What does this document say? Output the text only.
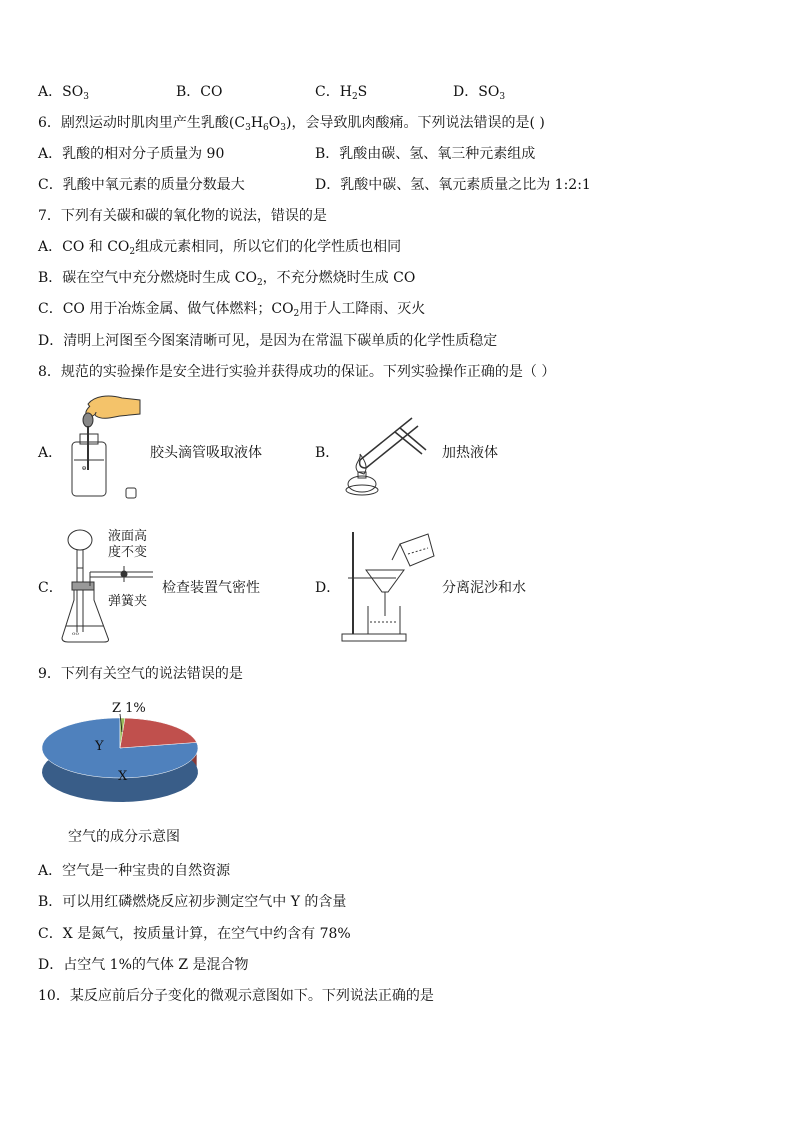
A．$SO_3$	B．CO	C．$H_2S$	D．$SO_3$
6．剧烈运动时肌肉里产生乳酸$(C_3H_6O_3)$，会导致肌肉酸痛。下列说法错误的是( )
A．乳酸的相对分子质量为 90	B．乳酸由碳、氢、氧三种元素组成
C．乳酸中氧元素的质量分数最大	D．乳酸中碳、氢、氧元素质量之比为 1:2:1
7．下列有关碳和碳的氧化物的说法，错误的是
A．CO 和 $CO_2$组成元素相同，所以它们的化学性质也相同
B．碳在空气中充分燃烧时生成 $CO_2$，不充分燃烧时生成 CO
C．CO 用于冶炼金属、做气体燃料；$CO_2$用于人工降雨、灭火
D．清明上河图至今图案清晰可见，是因为在常温下碳单质的化学性质稳定
8．规范的实验操作是安全进行实验并获得成功的保证。下列实验操作正确的是（ ）
A．
ⱺ
胶头滴管吸取液体	B．	加热液体
C．
ᵒᵒ
液面高
度不变
弹簧夹
检查装置气密性	D．	分离泥沙和水
9．下列有关空气的说法错误的是
Z 1%
Y
X
空气的成分示意图
A．空气是一种宝贵的自然资源
B．可以用红磷燃烧反应初步测定空气中 Y 的含量
C．X 是氮气，按质量计算，在空气中约含有 78%
D．占空气 1%的气体 Z 是混合物
10．某反应前后分子变化的微观示意图如下。下列说法正确的是
